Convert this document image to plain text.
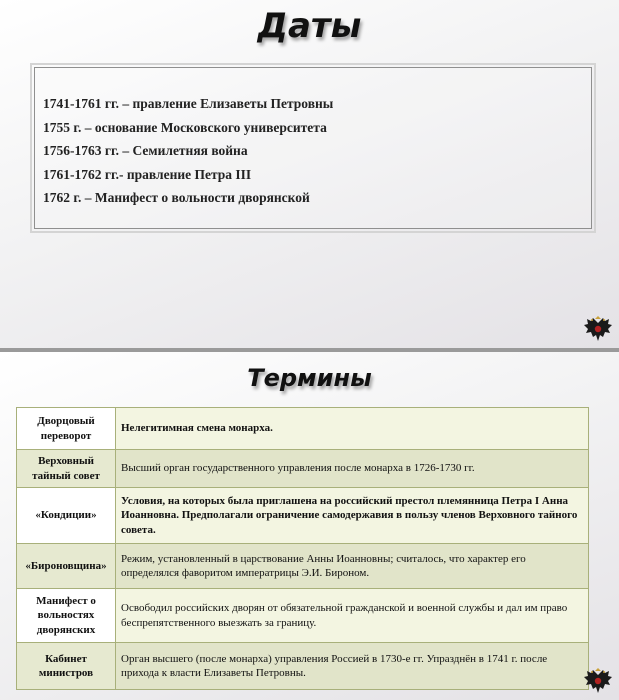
Даты
1741-1761 гг. – правление Елизаветы Петровны
1755 г. – основание Московского университета
1756-1763 гг. – Семилетняя война
1761-1762 гг.- правление Петра III
1762 г. – Манифест о вольности дворянской
Термины
Дворцовый переворот	Нелегитимная смена монарха.
Верховный тайный совет	Высший орган государственного управления после монарха в 1726-1730 гг.
«Кондиции»	Условия, на которых была приглашена на российский престол племянница Петра I Анна Иоанновна. Предполагали ограничение самодержавия в пользу членов Верховного тайного совета.
«Бироновщина»	Режим, установленный в царствование Анны Иоанновны; считалось, что характер его определялся фаворитом императрицы Э.И. Бироном.
Манифест о вольностях дворянских	Освободил российских дворян от обязательной гражданской и военной службы и дал им право беспрепятственного выезжать за границу.
Кабинет министров	Орган высшего (после монарха) управления Россией в 1730-е гг. Упразднён в 1741 г. после прихода к власти Елизаветы Петровны.
